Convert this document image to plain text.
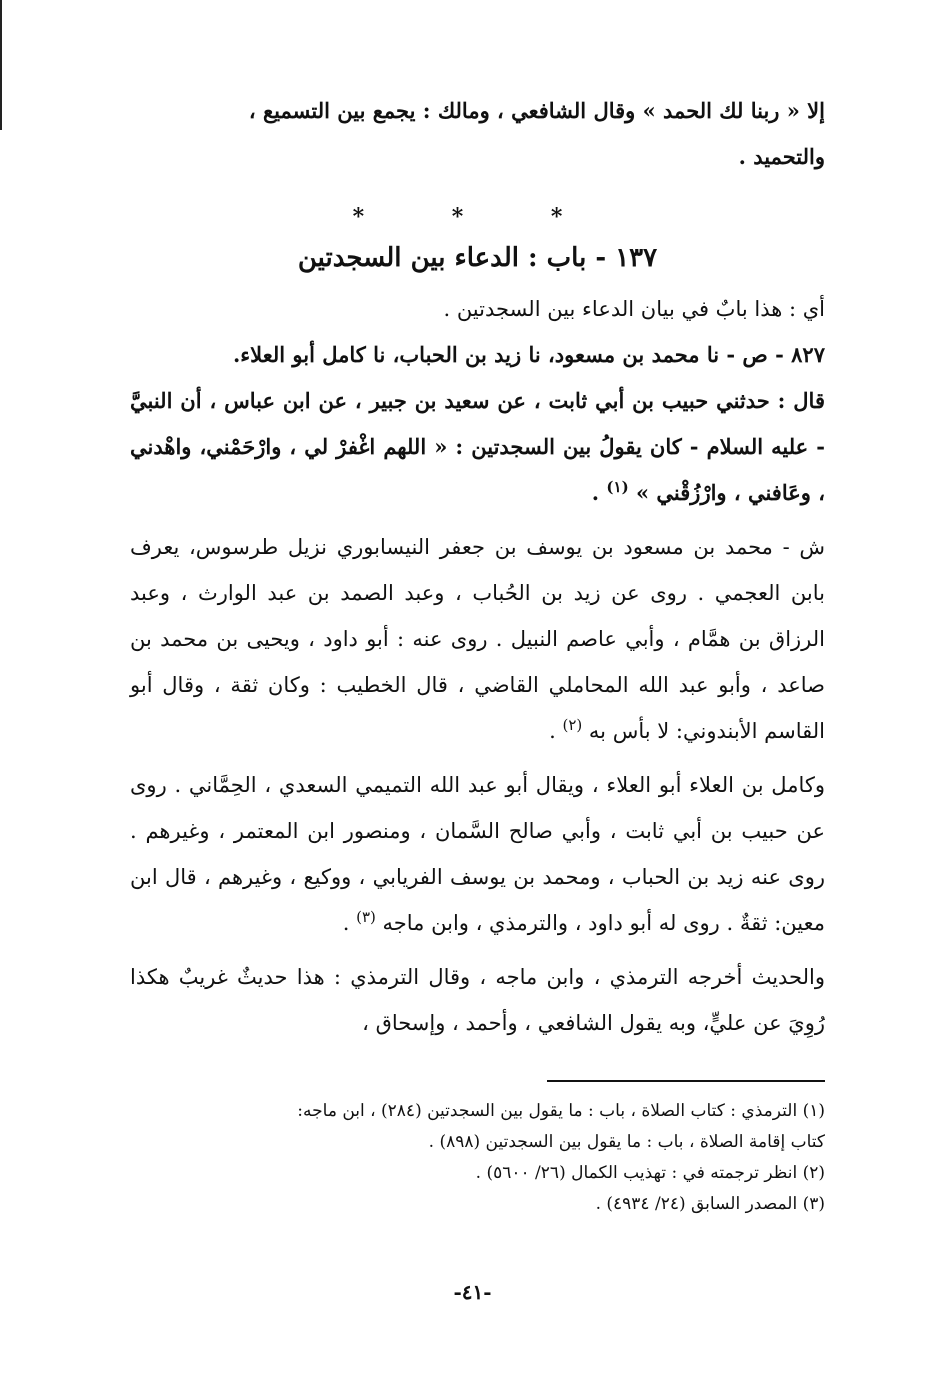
إلا « ربنا لك الحمد » وقال الشافعي ، ومالك : يجمع بين التسميع ،

والتحميد .

* * *
١٣٧ - باب : الدعاء بين السجدتين

أي : هذا بابٌ في بيان الدعاء بين السجدتين .

٨٢٧ - ص - نا محمد بن مسعود، نا زيد بن الحباب، نا كامل أبو العلاء.

قال : حدثني حبيب بن أبي ثابت ، عن سعيد بن جبير ، عن ابن عباس ، أن النبيَّ - عليه السلام - كان يقولُ بين السجدتين : « اللهم اغْفرْ لي ، وارْحَمْني، واهْدني ، وعَافني ، وارْزُقْني » $^{(١)}$ .

ش - محمد بن مسعود بن يوسف بن جعفر النيسابوري نزيل طرسوس، يعرف بابن العجمي . روى عن زيد بن الحُباب ، وعبد الصمد بن عبد الوارث ، وعبد الرزاق بن همَّام ، وأبي عاصم النبيل . روى عنه : أبو داود ، ويحيى بن محمد بن صاعد ، وأبو عبد الله المحاملي القاضي ، قال الخطيب : وكان ثقة ، وقال أبو القاسم الأبندوني: لا بأس به $^{(٢)}$ .

وكامل بن العلاء أبو العلاء ، ويقال أبو عبد الله التميمي السعدي ، الحِمَّاني . روى عن حبيب بن أبي ثابت ، وأبي صالح السَّمان ، ومنصور ابن المعتمر ، وغيرهم . روى عنه زيد بن الحباب ، ومحمد بن يوسف الفريابي ، ووكيع ، وغيرهم ، قال ابن معين: ثقةٌ . روى له أبو داود ، والترمذي ، وابن ماجه $^{(٣)}$ .

والحديث أخرجه الترمذي ، وابن ماجه ، وقال الترمذي : هذا حديثٌ غريبٌ هكذا رُوِيَ عن عليٍّ، وبه يقول الشافعي ، وأحمد ، وإسحاق ،

(١) الترمذي : كتاب الصلاة ، باب : ما يقول بين السجدتين (٢٨٤) ، ابن ماجه:

كتاب إقامة الصلاة ، باب : ما يقول بين السجدتين (٨٩٨) .

(٢) انظر ترجمته في : تهذيب الكمال (٢٦/ ٥٦٠٠) .

(٣) المصدر السابق (٢٤/ ٤٩٣٤) .

-٤١-
